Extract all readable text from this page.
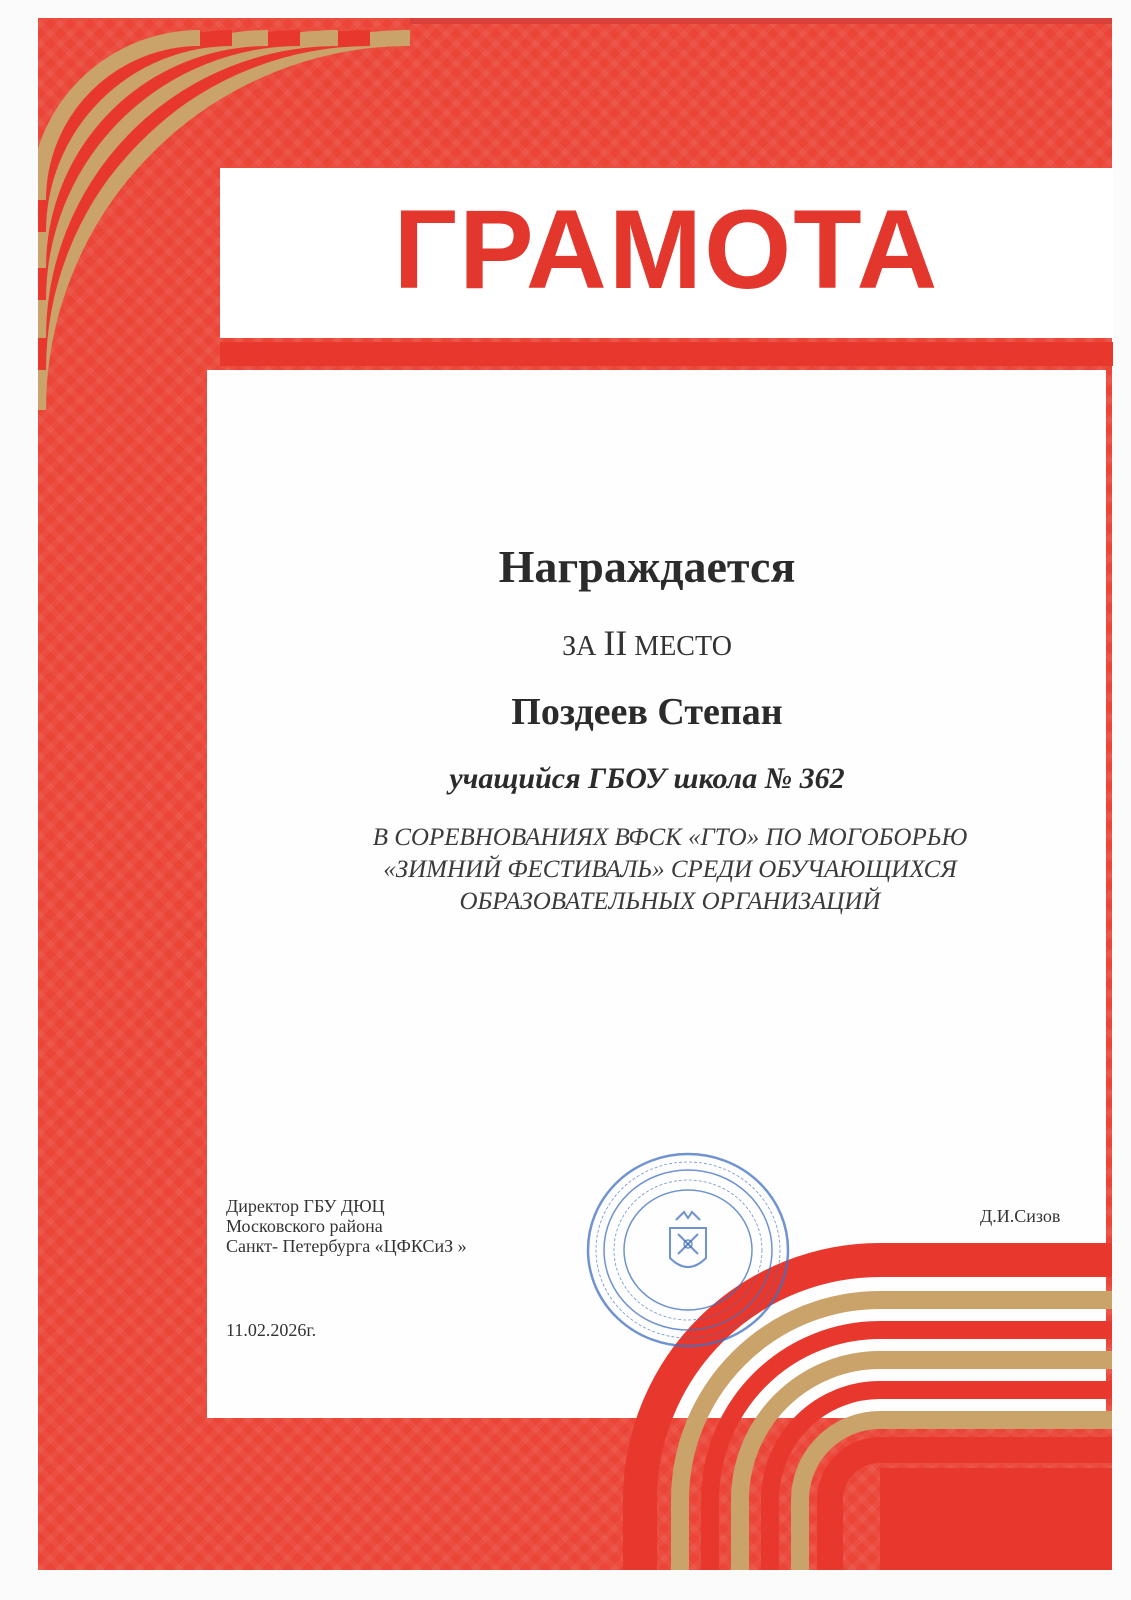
ГРАМОТА
Награждается
ЗА II МЕСТО
Поздеев Степан
учащийся ГБОУ школа № 362
В СОРЕВНОВАНИЯХ ВФСК «ГТО» ПО МОГОБОРЬЮ
«ЗИМНИЙ ФЕСТИВАЛЬ» СРЕДИ ОБУЧАЮЩИХСЯ
ОБРАЗОВАТЕЛЬНЫХ ОРГАНИЗАЦИЙ
Директор ГБУ ДЮЦ
Московского района
Санкт- Петербурга «ЦФКСиЗ »
11.02.2026г.
Д.И.Сизов
